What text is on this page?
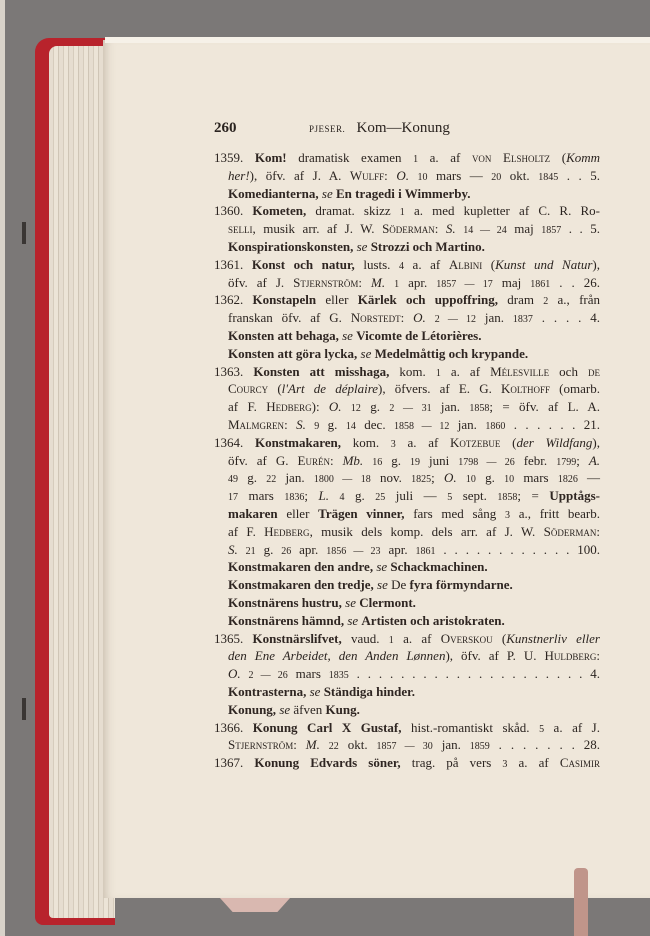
260	PJESER. Kom—Konung
1359. Kom! dramatisk examen 1 a. af von Elsholtz (Komm
her!), öfv. af J. A. Wulff: O. 10 mars — 20 okt. 1845 . . 5.
Komedianterna, se En tragedi i Wimmerby.
1360. Kometen, dramat. skizz 1 a. med kupletter af C. R. Ro-
selli, musik arr. af J. W. Söderman: S. 14 — 24 maj 1857 . . 5.
Konspirationskonsten, se Strozzi och Martino.
1361. Konst och natur, lusts. 4 a. af Albini (Kunst und Natur),
öfv. af J. Stjernström: M. 1 apr. 1857 — 17 maj 1861 . . 26.
1362. Konstapeln eller Kärlek och uppoffring, dram 2 a., från
franskan öfv. af G. Norstedt: O. 2 — 12 jan. 1837 . . . . 4.
Konsten att behaga, se Vicomte de Létorières.
Konsten att göra lycka, se Medelmåttig och krypande.
1363. Konsten att misshaga, kom. 1 a. af Mélesville och de
Courcy (l'Art de déplaire), öfvers. af E. G. Kolthoff (omarb.
af F. Hedberg): O. 12 g. 2 — 31 jan. 1858; = öfv. af L. A.
Malmgren: S. 9 g. 14 dec. 1858 — 12 jan. 1860 . . . . . . 21.
1364. Konstmakaren, kom. 3 a. af Kotzebue (der Wildfang),
öfv. af G. Eurén: Mb. 16 g. 19 juni 1798 — 26 febr. 1799; A.
49 g. 22 jan. 1800 — 18 nov. 1825; O. 10 g. 10 mars 1826 —
17 mars 1836; L. 4 g. 25 juli — 5 sept. 1858; = Upptågs-
makaren eller Trägen vinner, fars med sång 3 a., fritt bearb.
af F. Hedberg, musik dels komp. dels arr. af J. W. Söderman:
S. 21 g. 26 apr. 1856 — 23 apr. 1861 . . . . . . . . . . . . 100.
Konstmakaren den andre, se Schackmachinen.
Konstmakaren den tredje, se De fyra förmyndarne.
Konstnärens hustru, se Clermont.
Konstnärens hämnd, se Artisten och aristokraten.
1365. Konstnärslifvet, vaud. 1 a. af Overskou (Kunstnerliv eller
den Ene Arbeidet, den Anden Lønnen), öfv. af P. U. Huldberg:
O. 2 — 26 mars 1835 . . . . . . . . . . . . . . . . . . . . . 4.
Kontrasterna, se Ständiga hinder.
Konung, se äfven Kung.
1366. Konung Carl X Gustaf, hist.-romantiskt skåd. 5 a. af J.
Stjernström: M. 22 okt. 1857 — 30 jan. 1859 . . . . . . . 28.
1367. Konung Edvards söner, trag. på vers 3 a. af Casimir
